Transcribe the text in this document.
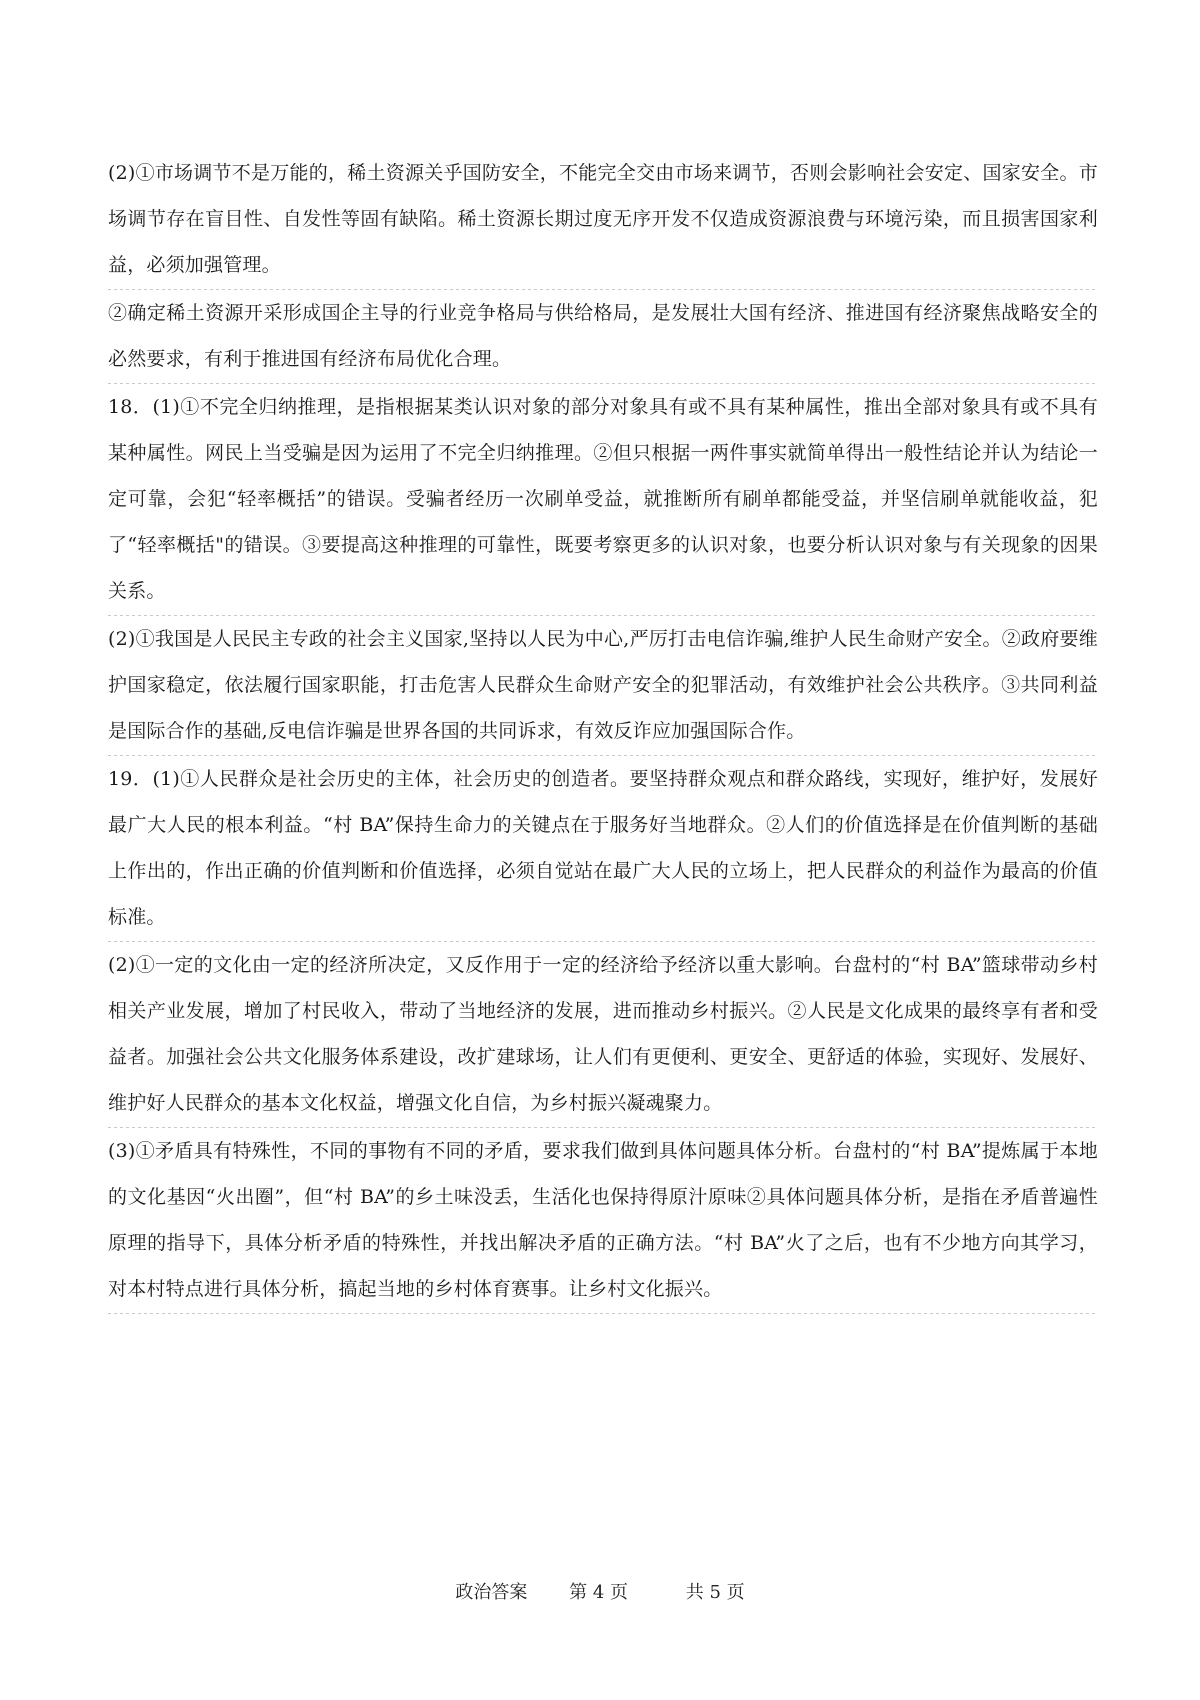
(2)①市场调节不是万能的，稀土资源关乎国防安全，不能完全交由市场来调节，否则会影响社会安定、国家安全。市场调节存在盲目性、自发性等固有缺陷。稀土资源长期过度无序开发不仅造成资源浪费与环境污染，而且损害国家利益，必须加强管理。

②确定稀土资源开采形成国企主导的行业竞争格局与供给格局，是发展壮大国有经济、推进国有经济聚焦战略安全的必然要求，有利于推进国有经济布局优化合理。

18．(1)①不完全归纳推理，是指根据某类认识对象的部分对象具有或不具有某种属性，推出全部对象具有或不具有某种属性。网民上当受骗是因为运用了不完全归纳推理。②但只根据一两件事实就简单得出一般性结论并认为结论一定可靠，会犯“轻率概括”的错误。受骗者经历一次刷单受益，就推断所有刷单都能受益，并坚信刷单就能收益，犯了“轻率概括"的错误。③要提高这种推理的可靠性，既要考察更多的认识对象，也要分析认识对象与有关现象的因果关系。

(2)①我国是人民民主专政的社会主义国家,坚持以人民为中心,严厉打击电信诈骗,维护人民生命财产安全。②政府要维护国家稳定，依法履行国家职能，打击危害人民群众生命财产安全的犯罪活动，有效维护社会公共秩序。③共同利益是国际合作的基础,反电信诈骗是世界各国的共同诉求，有效反诈应加强国际合作。

19．(1)①人民群众是社会历史的主体，社会历史的创造者。要坚持群众观点和群众路线，实现好，维护好，发展好最广大人民的根本利益。“村 BA”保持生命力的关键点在于服务好当地群众。②人们的价值选择是在价值判断的基础上作出的，作出正确的价值判断和价值选择，必须自觉站在最广大人民的立场上，把人民群众的利益作为最高的价值标准。

(2)①一定的文化由一定的经济所决定，又反作用于一定的经济给予经济以重大影响。台盘村的“村 BA”篮球带动乡村相关产业发展，增加了村民收入，带动了当地经济的发展，进而推动乡村振兴。②人民是文化成果的最终享有者和受益者。加强社会公共文化服务体系建设，改扩建球场，让人们有更便利、更安全、更舒适的体验，实现好、发展好、维护好人民群众的基本文化权益，增强文化自信，为乡村振兴凝魂聚力。

(3)①矛盾具有特殊性，不同的事物有不同的矛盾，要求我们做到具体问题具体分析。台盘村的“村 BA”提炼属于本地的文化基因“火出圈”，但“村 BA”的乡土味没丢，生活化也保持得原汁原味②具体问题具体分析，是指在矛盾普遍性原理的指导下，具体分析矛盾的特殊性，并找出解决矛盾的正确方法。“村 BA”火了之后，也有不少地方向其学习，对本村特点进行具体分析，搞起当地的乡村体育赛事。让乡村文化振兴。

政治答案 第 4 页	共 5 页
